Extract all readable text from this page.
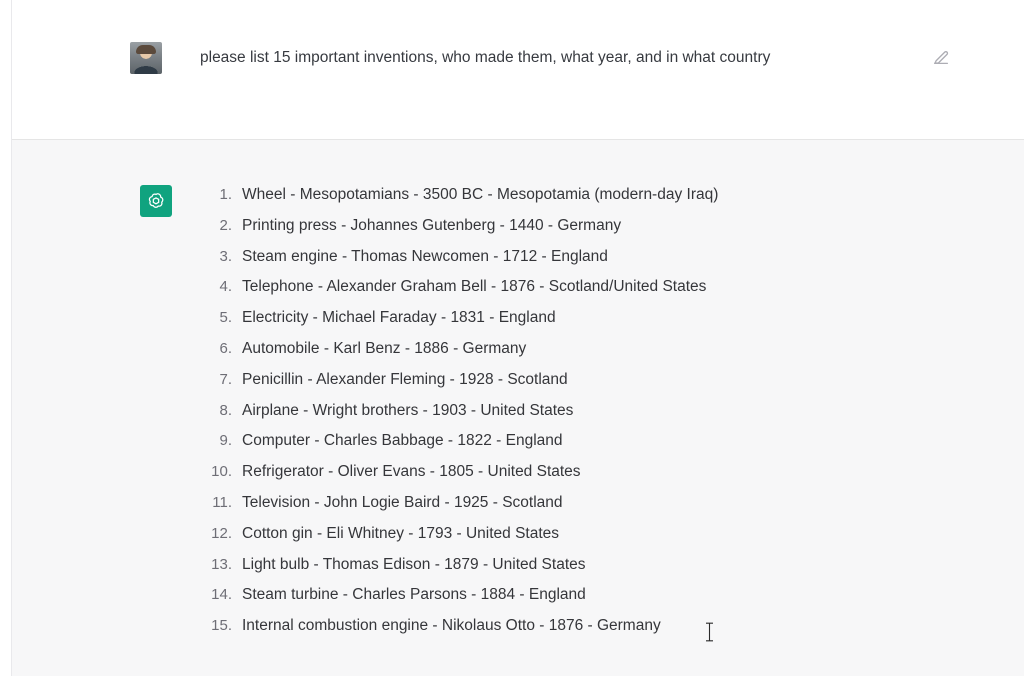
please list 15 important inventions, who made them, what year, and in what country
1. Wheel - Mesopotamians - 3500 BC - Mesopotamia (modern-day Iraq)
2. Printing press - Johannes Gutenberg - 1440 - Germany
3. Steam engine - Thomas Newcomen - 1712 - England
4. Telephone - Alexander Graham Bell - 1876 - Scotland/United States
5. Electricity - Michael Faraday - 1831 - England
6. Automobile - Karl Benz - 1886 - Germany
7. Penicillin - Alexander Fleming - 1928 - Scotland
8. Airplane - Wright brothers - 1903 - United States
9. Computer - Charles Babbage - 1822 - England
10. Refrigerator - Oliver Evans - 1805 - United States
11. Television - John Logie Baird - 1925 - Scotland
12. Cotton gin - Eli Whitney - 1793 - United States
13. Light bulb - Thomas Edison - 1879 - United States
14. Steam turbine - Charles Parsons - 1884 - England
15. Internal combustion engine - Nikolaus Otto - 1876 - Germany
